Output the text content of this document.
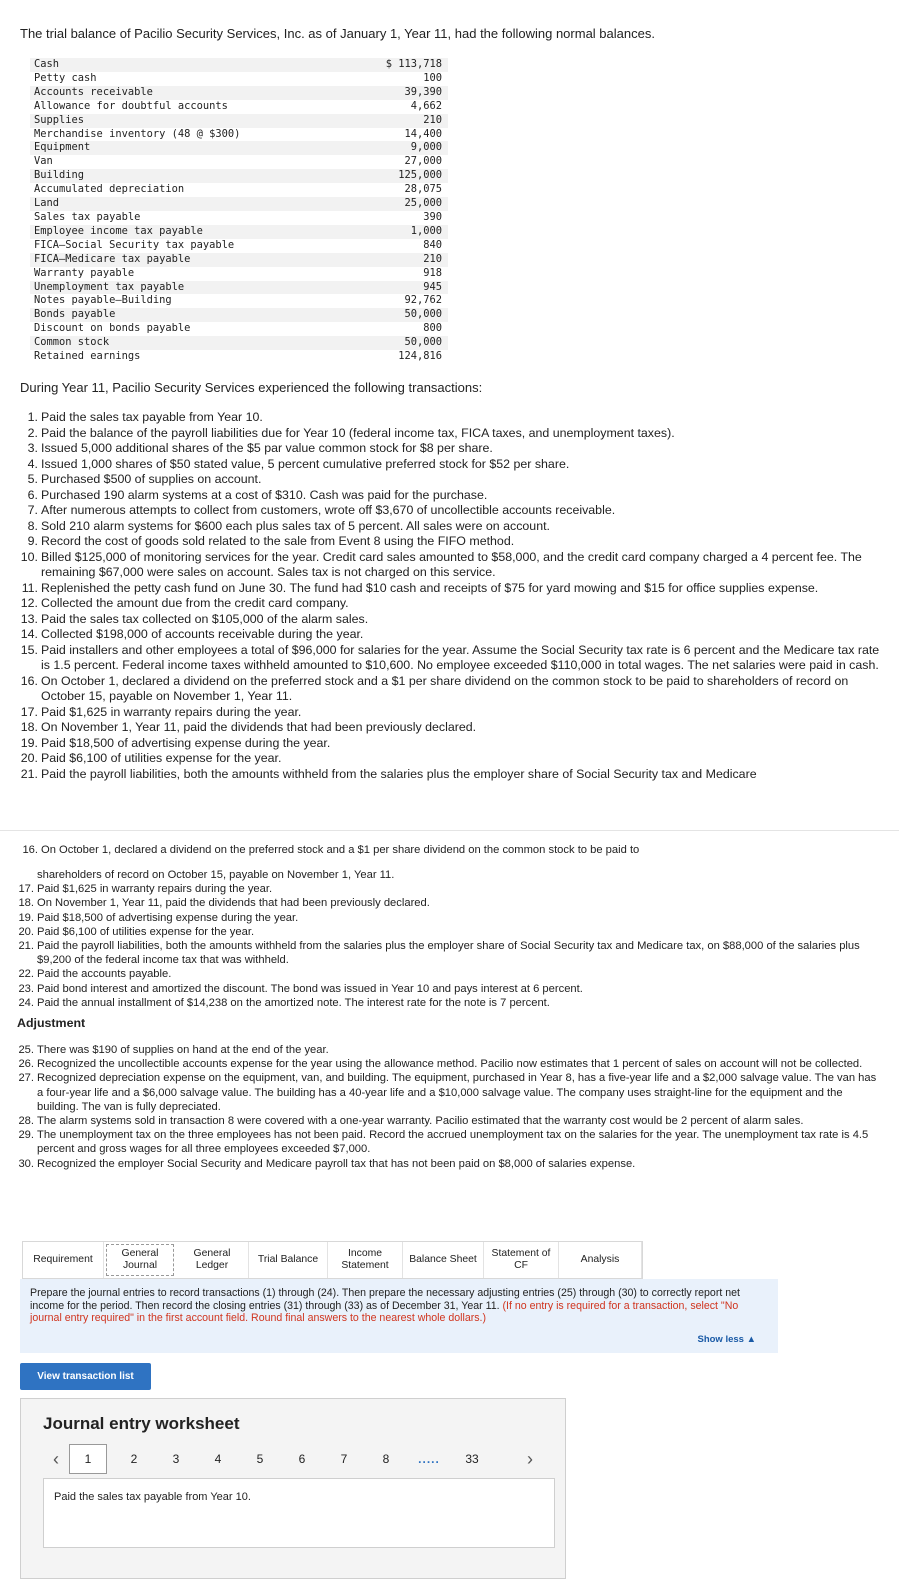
The trial balance of Pacilio Security Services, Inc. as of January 1, Year 11, had the following normal balances.
Cash	$ 113,718
Petty cash	100
Accounts receivable	39,390
Allowance for doubtful accounts	4,662
Supplies	210
Merchandise inventory (48 @ $300)	14,400
Equipment	9,000
Van	27,000
Building	125,000
Accumulated depreciation	28,075
Land	25,000
Sales tax payable	390
Employee income tax payable	1,000
FICA—Social Security tax payable	840
FICA—Medicare tax payable	210
Warranty payable	918
Unemployment tax payable	945
Notes payable—Building	92,762
Bonds payable	50,000
Discount on bonds payable	800
Common stock	50,000
Retained earnings	124,816
During Year 11, Pacilio Security Services experienced the following transactions:
1. Paid the sales tax payable from Year 10.
2. Paid the balance of the payroll liabilities due for Year 10 (federal income tax, FICA taxes, and unemployment taxes).
3. Issued 5,000 additional shares of the $5 par value common stock for $8 per share.
4. Issued 1,000 shares of $50 stated value, 5 percent cumulative preferred stock for $52 per share.
5. Purchased $500 of supplies on account.
6. Purchased 190 alarm systems at a cost of $310. Cash was paid for the purchase.
7. After numerous attempts to collect from customers, wrote off $3,670 of uncollectible accounts receivable.
8. Sold 210 alarm systems for $600 each plus sales tax of 5 percent. All sales were on account.
9. Record the cost of goods sold related to the sale from Event 8 using the FIFO method.
10. Billed $125,000 of monitoring services for the year. Credit card sales amounted to $58,000, and the credit card company charged a 4 percent fee. The remaining $67,000 were sales on account. Sales tax is not charged on this service.
11. Replenished the petty cash fund on June 30. The fund had $10 cash and receipts of $75 for yard mowing and $15 for office supplies expense.
12. Collected the amount due from the credit card company.
13. Paid the sales tax collected on $105,000 of the alarm sales.
14. Collected $198,000 of accounts receivable during the year.
15. Paid installers and other employees a total of $96,000 for salaries for the year. Assume the Social Security tax rate is 6 percent and the Medicare tax rate is 1.5 percent. Federal income taxes withheld amounted to $10,600. No employee exceeded $110,000 in total wages. The net salaries were paid in cash.
16. On October 1, declared a dividend on the preferred stock and a $1 per share dividend on the common stock to be paid to shareholders of record on October 15, payable on November 1, Year 11.
17. Paid $1,625 in warranty repairs during the year.
18. On November 1, Year 11, paid the dividends that had been previously declared.
19. Paid $18,500 of advertising expense during the year.
20. Paid $6,100 of utilities expense for the year.
21. Paid the payroll liabilities, both the amounts withheld from the salaries plus the employer share of Social Security tax and Medicare
16. On October 1, declared a dividend on the preferred stock and a $1 per share dividend on the common stock to be paid to
shareholders of record on October 15, payable on November 1, Year 11.
17. Paid $1,625 in warranty repairs during the year.
18. On November 1, Year 11, paid the dividends that had been previously declared.
19. Paid $18,500 of advertising expense during the year.
20. Paid $6,100 of utilities expense for the year.
21. Paid the payroll liabilities, both the amounts withheld from the salaries plus the employer share of Social Security tax and Medicare tax, on $88,000 of the salaries plus $9,200 of the federal income tax that was withheld.
22. Paid the accounts payable.
23. Paid bond interest and amortized the discount. The bond was issued in Year 10 and pays interest at 6 percent.
24. Paid the annual installment of $14,238 on the amortized note. The interest rate for the note is 7 percent.
Adjustment
25. There was $190 of supplies on hand at the end of the year.
26. Recognized the uncollectible accounts expense for the year using the allowance method. Pacilio now estimates that 1 percent of sales on account will not be collected.
27. Recognized depreciation expense on the equipment, van, and building. The equipment, purchased in Year 8, has a five-year life and a $2,000 salvage value. The van has a four-year life and a $6,000 salvage value. The building has a 40-year life and a $10,000 salvage value. The company uses straight-line for the equipment and the building. The van is fully depreciated.
28. The alarm systems sold in transaction 8 were covered with a one-year warranty. Pacilio estimated that the warranty cost would be 2 percent of alarm sales.
29. The unemployment tax on the three employees has not been paid. Record the accrued unemployment tax on the salaries for the year. The unemployment tax rate is 4.5 percent and gross wages for all three employees exceeded $7,000.
30. Recognized the employer Social Security and Medicare payroll tax that has not been paid on $8,000 of salaries expense.
Requirement
General Journal
General Ledger
Trial Balance
Income Statement
Balance Sheet
Statement of CF
Analysis
Prepare the journal entries to record transactions (1) through (24). Then prepare the necessary adjusting entries (25) through (30) to correctly report net income for the period. Then record the closing entries (31) through (33) as of December 31, Year 11. (If no entry is required for a transaction, select "No journal entry required" in the first account field. Round final answers to the nearest whole dollars.)
Show less ▲
View transaction list
Journal entry worksheet
‹	1	2	3	4	5	6	7	8	.....	33	›
Paid the sales tax payable from Year 10.
